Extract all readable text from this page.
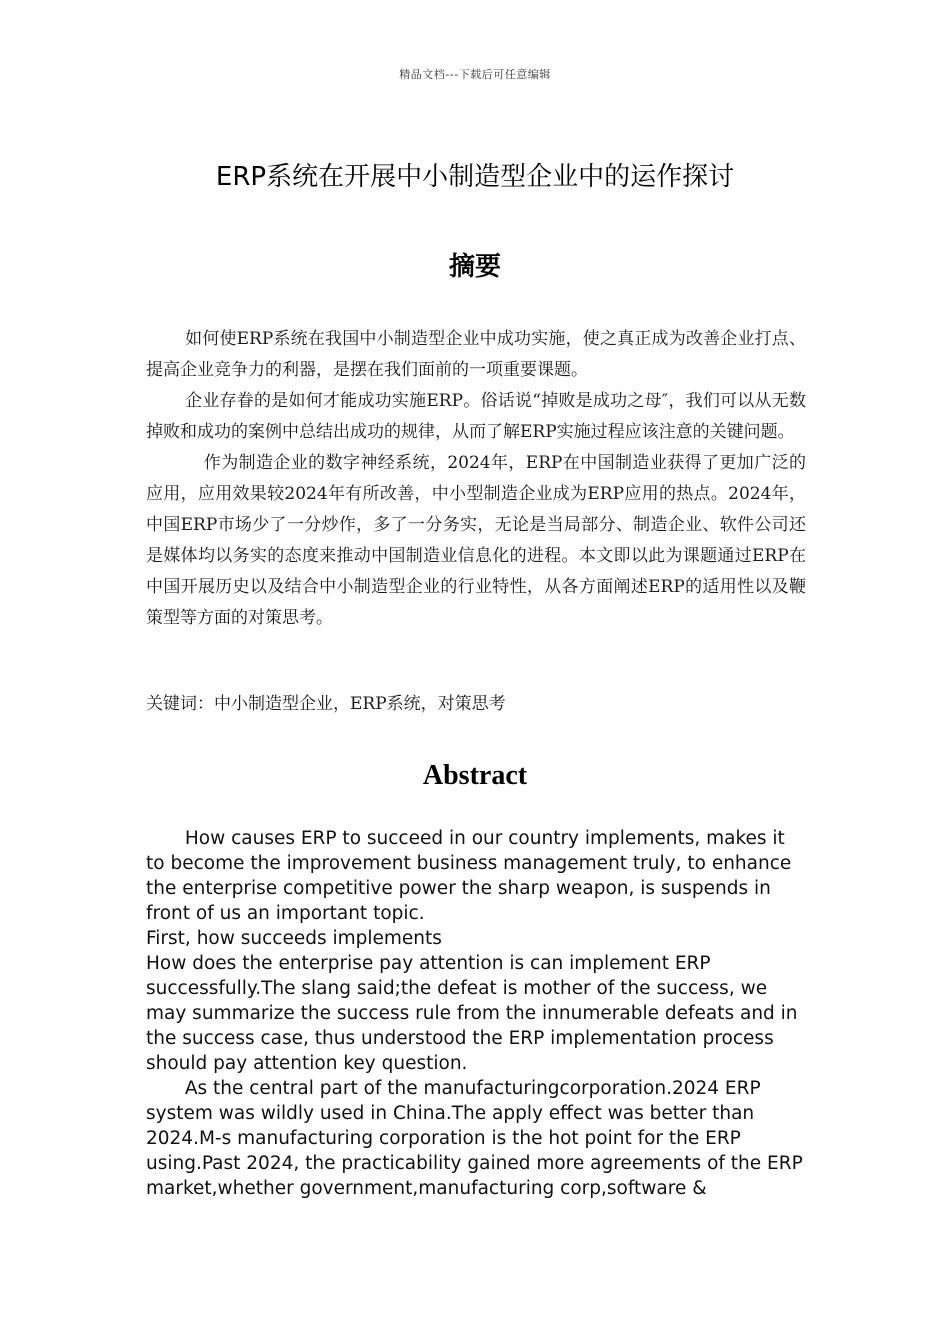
精品文档---下载后可任意编辑
ERP系统在开展中小制造型企业中的运作探讨
摘要

如何使ERP系统在我国中小制造型企业中成功实施，使之真正成为改善企业打点、提高企业竞争力的利器，是摆在我们面前的一项重要课题。

企业存眷的是如何才能成功实施ERP。俗话说“掉败是成功之母″，我们可以从无数掉败和成功的案例中总结出成功的规律，从而了解ERP实施过程应该注意的关键问题。

作为制造企业的数字神经系统，2024年，ERP在中国制造业获得了更加广泛的应用，应用效果较2024年有所改善，中小型制造企业成为ERP应用的热点。2024年，中国ERP市场少了一分炒作，多了一分务实，无论是当局部分、制造企业、软件公司还是媒体均以务实的态度来推动中国制造业信息化的进程。本文即以此为课题通过ERP在中国开展历史以及结合中小制造型企业的行业特性，从各方面阐述ERP的适用性以及鞭策型等方面的对策思考。

关键词：中小制造型企业，ERP系统，对策思考
Abstract

How causes ERP to succeed in our country implements, makes it to become the improvement business management truly, to enhance the enterprise competitive power the sharp weapon, is suspends in front of us an important topic.

First, how succeeds implements

How does the enterprise pay attention is can implement ERP successfully.The slang said;the defeat is mother of the success, we may summarize the success rule from the innumerable defeats and in the success case, thus understood the ERP implementation process should pay attention key question.

As the central part of the manufacturingcorporation.2024 ERP system was wildly used in China.The apply effect was better than 2024.M-s manufacturing corporation is the hot point for the ERP using.Past 2024, the practicability gained more agreements of the ERP market,whether government,manufacturing corp,software &
